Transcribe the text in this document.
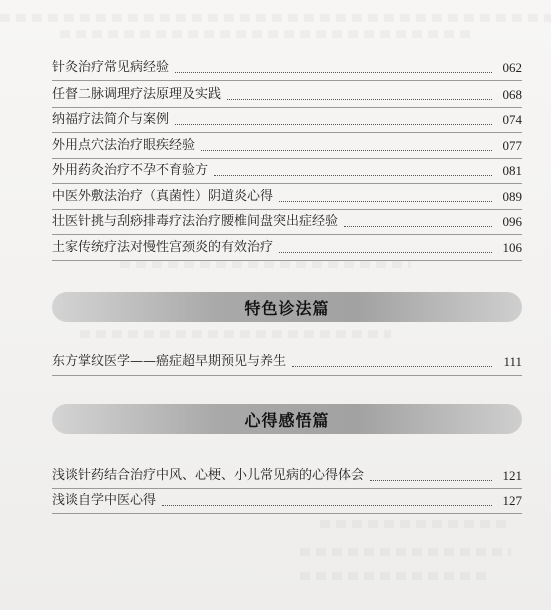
针灸治疗常见病经验	062
任督二脉调理疗法原理及实践	068
纳福疗法简介与案例	074
外用点穴法治疗眼疾经验	077
外用药灸治疗不孕不育验方	081
中医外敷法治疗（真菌性）阴道炎心得	089
壮医针挑与刮痧排毒疗法治疗腰椎间盘突出症经验	096
土家传统疗法对慢性宫颈炎的有效治疗	106
特色诊法篇
东方掌纹医学——癌症超早期预见与养生	111
心得感悟篇
浅谈针药结合治疗中风、心梗、小儿常见病的心得体会	121
浅谈自学中医心得	127
